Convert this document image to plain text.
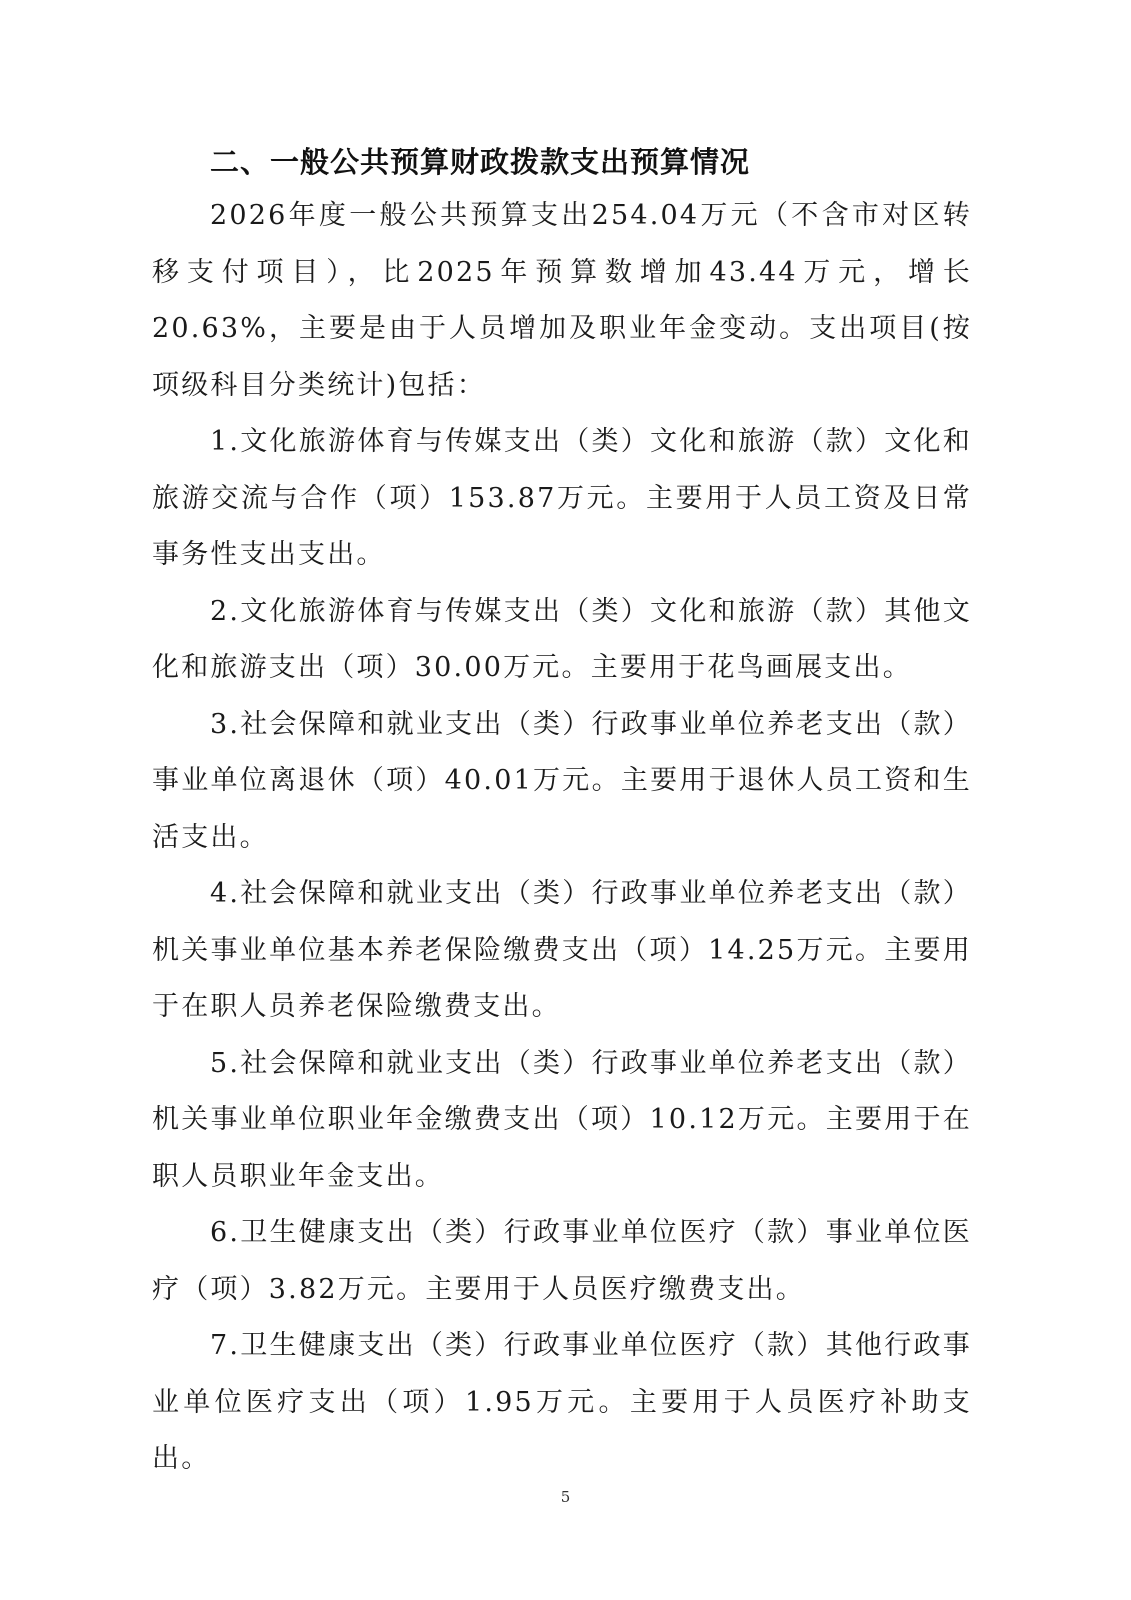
二、一般公共预算财政拨款支出预算情况

2026年度一般公共预算支出254.04万元（不含市对区转移支付项目），比2025年预算数增加43.44万元，增长20.63%，主要是由于人员增加及职业年金变动。支出项目(按项级科目分类统计)包括：

1.文化旅游体育与传媒支出（类）文化和旅游（款）文化和旅游交流与合作（项）153.87万元。主要用于人员工资及日常事务性支出支出。

2.文化旅游体育与传媒支出（类）文化和旅游（款）其他文化和旅游支出（项）30.00万元。主要用于花鸟画展支出。

3.社会保障和就业支出（类）行政事业单位养老支出（款）事业单位离退休（项）40.01万元。主要用于退休人员工资和生活支出。

4.社会保障和就业支出（类）行政事业单位养老支出（款）机关事业单位基本养老保险缴费支出（项）14.25万元。主要用于在职人员养老保险缴费支出。

5.社会保障和就业支出（类）行政事业单位养老支出（款）机关事业单位职业年金缴费支出（项）10.12万元。主要用于在职人员职业年金支出。

6.卫生健康支出（类）行政事业单位医疗（款）事业单位医疗（项）3.82万元。主要用于人员医疗缴费支出。

7.卫生健康支出（类）行政事业单位医疗（款）其他行政事业单位医疗支出（项）1.95万元。主要用于人员医疗补助支出。

5
